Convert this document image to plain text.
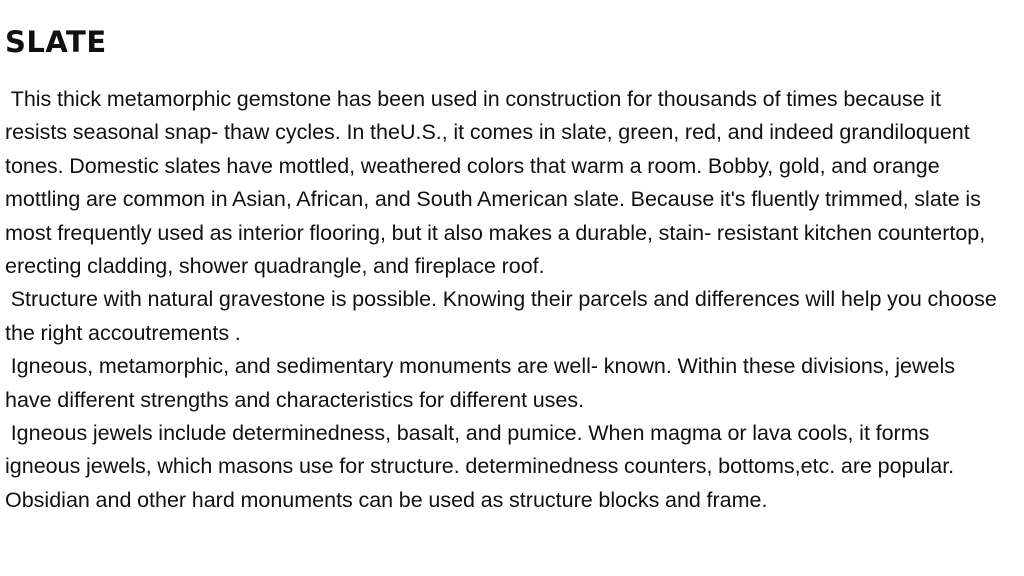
SLATE

This thick metamorphic gemstone has been used in construction for thousands of times because it resists seasonal snap- thaw cycles. In theU.S., it comes in slate, green, red, and indeed grandiloquent tones. Domestic slates have mottled, weathered colors that warm a room. Bobby, gold, and orange mottling are common in Asian, African, and South American slate. Because it's fluently trimmed, slate is most frequently used as interior flooring, but it also makes a durable, stain- resistant kitchen countertop, erecting cladding, shower quadrangle, and fireplace roof.

Structure with natural gravestone is possible. Knowing their parcels and differences will help you choose the right accoutrements .

Igneous, metamorphic, and sedimentary monuments are well- known. Within these divisions, jewels have different strengths and characteristics for different uses.

Igneous jewels include determinedness, basalt, and pumice. When magma or lava cools, it forms igneous jewels, which masons use for structure. determinedness counters, bottoms,etc. are popular. Obsidian and other hard monuments can be used as structure blocks and frame.
